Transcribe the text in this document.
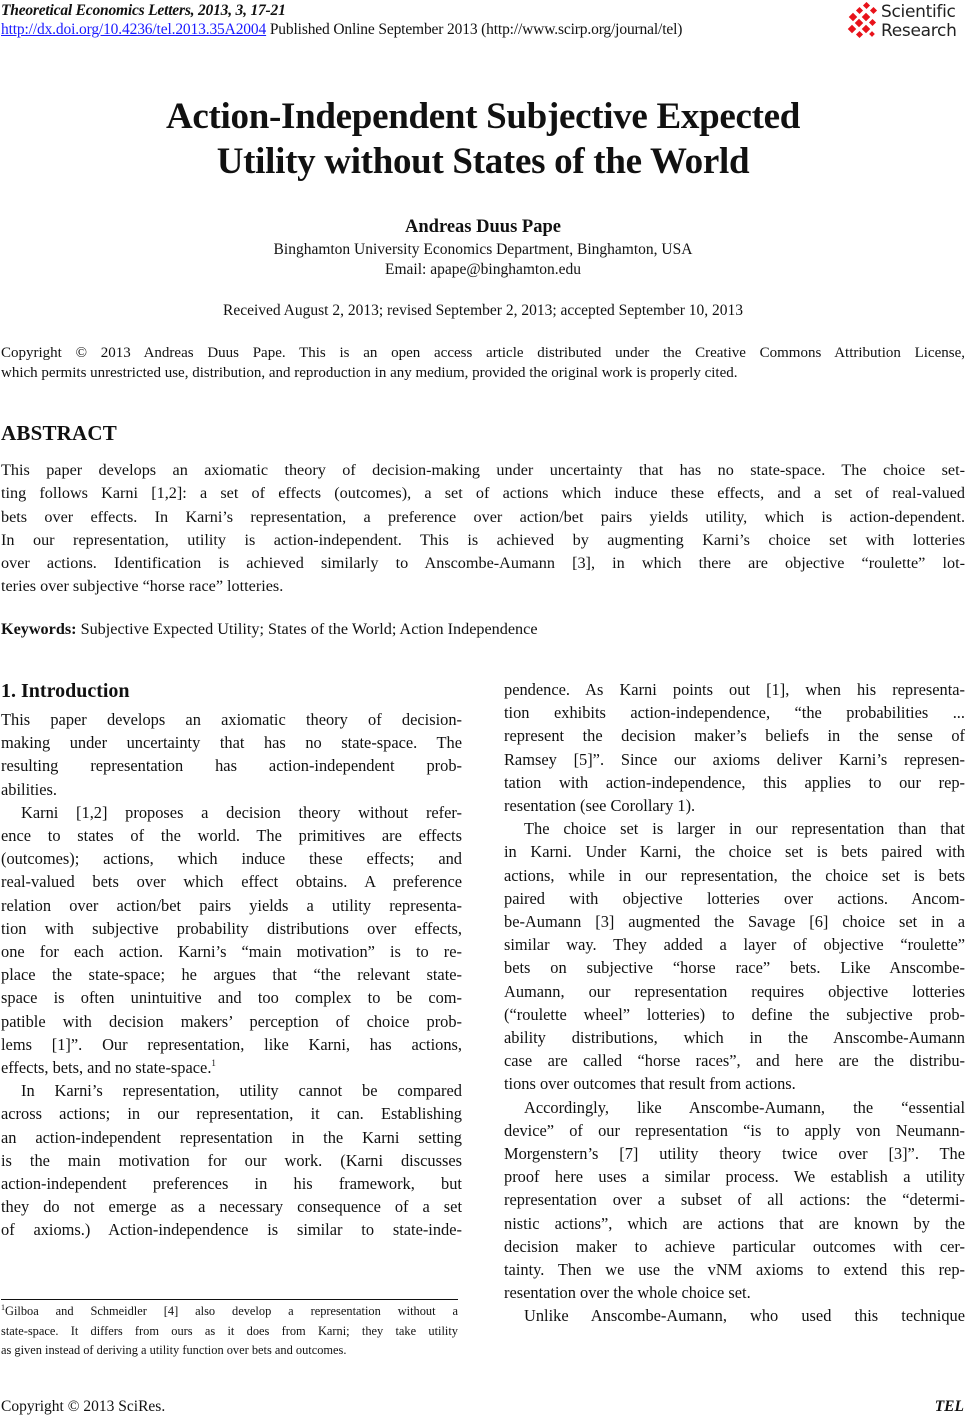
Theoretical Economics Letters, 2013, 3, 17-21
http://dx.doi.org/10.4236/tel.2013.35A2004 Published Online September 2013 (http://www.scirp.org/journal/tel)
Scientific
Research
Action-Independent Subjective Expected
Utility without States of the World
Andreas Duus Pape
Binghamton University Economics Department, Binghamton, USA
Email: apape@binghamton.edu
Received August 2, 2013; revised September 2, 2013; accepted September 10, 2013
Copyright © 2013 Andreas Duus Pape. This is an open access article distributed under the Creative Commons Attribution License,
which permits unrestricted use, distribution, and reproduction in any medium, provided the original work is properly cited.
ABSTRACT
This paper develops an axiomatic theory of decision-making under uncertainty that has no state-space. The choice set-
ting follows Karni [1,2]: a set of effects (outcomes), a set of actions which induce these effects, and a set of real-valued
bets over effects. In Karni’s representation, a preference over action/bet pairs yields utility, which is action-dependent.
In our representation, utility is action-independent. This is achieved by augmenting Karni’s choice set with lotteries
over actions. Identification is achieved similarly to Anscombe-Aumann [3], in which there are objective “roulette” lot-
teries over subjective “horse race” lotteries.
Keywords: Subjective Expected Utility; States of the World; Action Independence
1. Introduction
This paper develops an axiomatic theory of decision-
making under uncertainty that has no state-space. The
resulting representation has action-independent prob-
abilities.
Karni [1,2] proposes a decision theory without refer-
ence to states of the world. The primitives are effects
(outcomes); actions, which induce these effects; and
real-valued bets over which effect obtains. A preference
relation over action/bet pairs yields a utility representa-
tion with subjective probability distributions over effects,
one for each action. Karni’s “main motivation” is to re-
place the state-space; he argues that “the relevant state-
space is often unintuitive and too complex to be com-
patible with decision makers’ perception of choice prob-
lems [1]”. Our representation, like Karni, has actions,
effects, bets, and no state-space.$^1$
In Karni’s representation, utility cannot be compared
across actions; in our representation, it can. Establishing
an action-independent representation in the Karni setting
is the main motivation for our work. (Karni discusses
action-independent preferences in his framework, but
they do not emerge as a necessary consequence of a set
of axioms.) Action-independence is similar to state-inde-
pendence. As Karni points out [1], when his representa-
tion exhibits action-independence, “the probabilities ...
represent the decision maker’s beliefs in the sense of
Ramsey [5]”. Since our axioms deliver Karni’s represen-
tation with action-independence, this applies to our rep-
resentation (see Corollary 1).
The choice set is larger in our representation than that
in Karni. Under Karni, the choice set is bets paired with
actions, while in our representation, the choice set is bets
paired with objective lotteries over actions. Ancom-
be-Aumann [3] augmented the Savage [6] choice set in a
similar way. They added a layer of objective “roulette”
bets on subjective “horse race” bets. Like Anscombe-
Aumann, our representation requires objective lotteries
(“roulette wheel” lotteries) to define the subjective prob-
ability distributions, which in the Anscombe-Aumann
case are called “horse races”, and here are the distribu-
tions over outcomes that result from actions.
Accordingly, like Anscombe-Aumann, the “essential
device” of our representation “is to apply von Neumann-
Morgenstern’s [7] utility theory twice over [3]”. The
proof here uses a similar process. We establish a utility
representation over a subset of all actions: the “determi-
nistic actions”, which are actions that are known by the
decision maker to achieve particular outcomes with cer-
tainty. Then we use the vNM axioms to extend this rep-
resentation over the whole choice set.
Unlike Anscombe-Aumann, who used this technique
$^1$Gilboa and Schmeidler [4] also develop a representation without a
state-space. It differs from ours as it does from Karni; they take utility
as given instead of deriving a utility function over bets and outcomes.
Copyright © 2013 SciRes.	TEL
